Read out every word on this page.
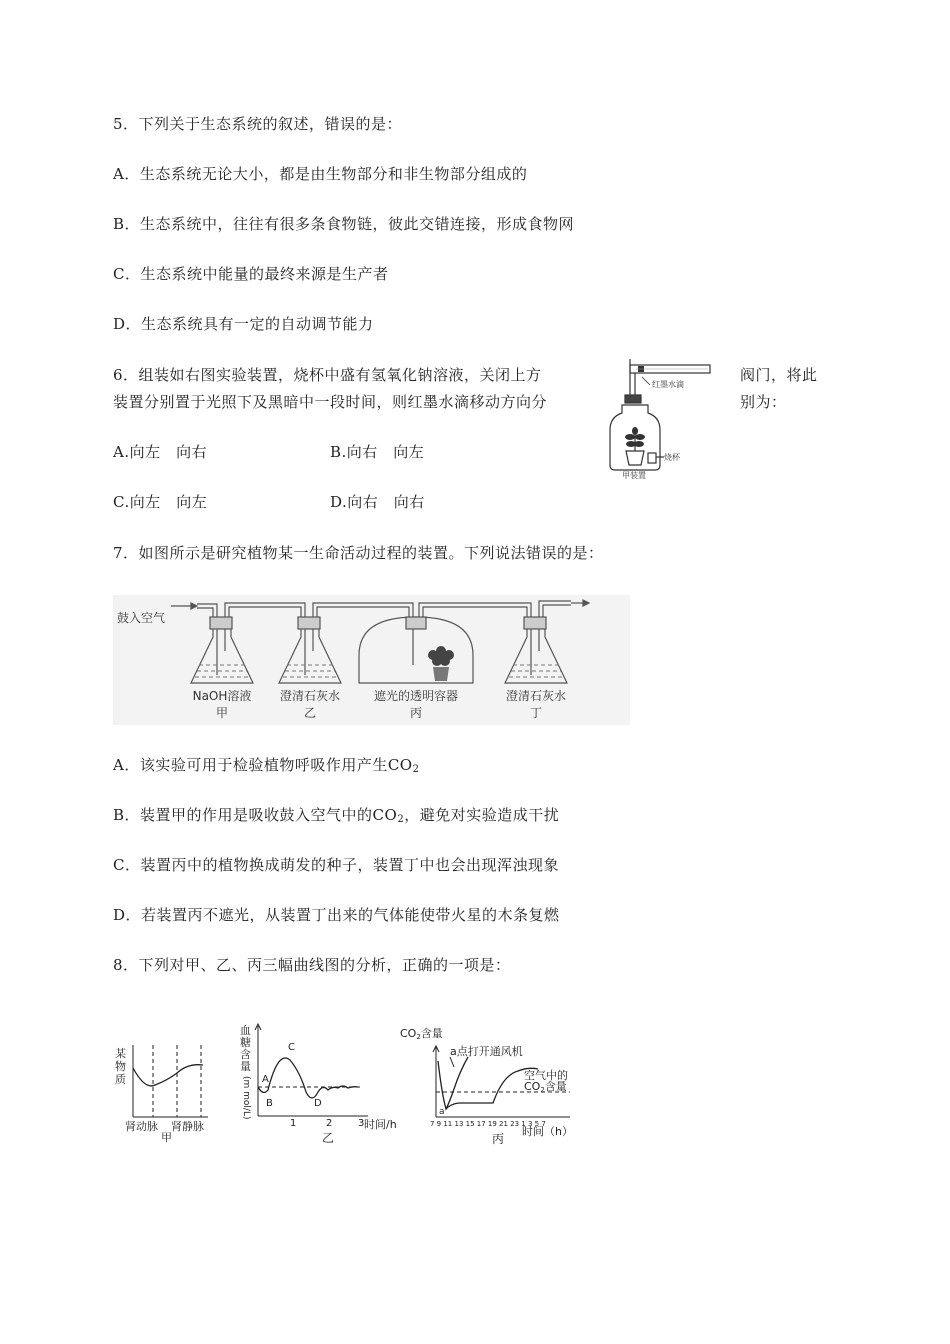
5．下列关于生态系统的叙述，错误的是：
A．生态系统无论大小，都是由生物部分和非生物部分组成的
B．生态系统中，往往有很多条食物链，彼此交错连接，形成食物网
C．生态系统中能量的最终来源是生产者
D．生态系统具有一定的自动调节能力
6．组装如右图实验装置，烧杯中盛有氢氧化钠溶液，关闭上方	阀门，将此
装置分别置于光照下及黑暗中一段时间，则红墨水滴移动方向分	别为：
A.向左　向右	B.向右　向左
C.向左　向左	D.向右　向右
红墨水滴
烧杯
甲装置
7．如图所示是研究植物某一生命活动过程的装置。下列说法错误的是：
鼓入空气
NaOH溶液
甲
澄清石灰水
乙
遮光的透明容器
丙
澄清石灰水
丁
A．该实验可用于检验植物呼吸作用产生$CO_2$
B．装置甲的作用是吸收鼓入空气中的$CO_2$，避免对实验造成干扰
C．装置丙中的植物换成萌发的种子，装置丁中也会出现浑浊现象
D．若装置丙不遮光，从装置丁出来的气体能使带火星的木条复燃
8．下列对甲、乙、丙三幅曲线图的分析，正确的一项是：
某物质
肾动脉 肾静脉
甲
血糖含量
(m mol/L) A
B
C
D
1	2	3 时间/h
乙
CO2含量
a点打开通风机
空气中的
CO2含量
a
7 9 11 13 15 17 19 21 23 1 3 5 7
时间（h）
丙
